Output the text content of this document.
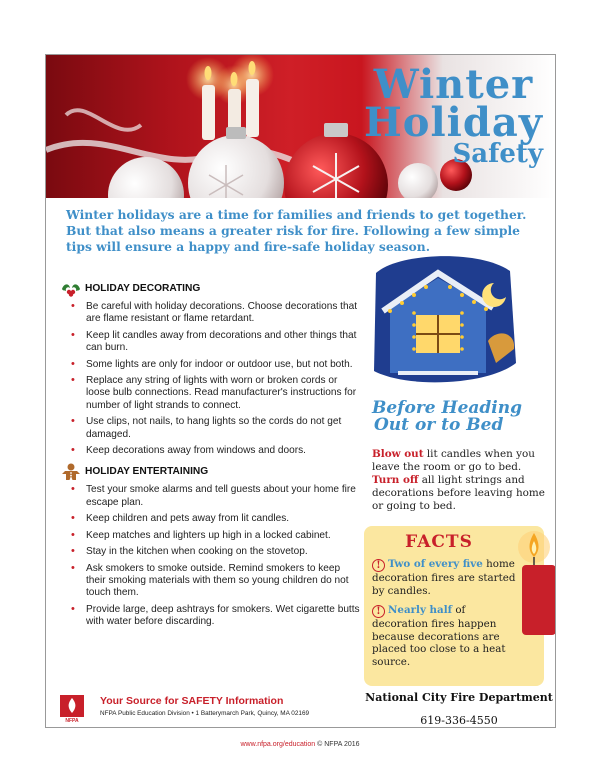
Winter
Holiday
Safety
Winter holidays are a time for families and friends to get together. But that also means a greater risk for fire. Following a few simple tips will ensure a happy and fire-safe holiday season.
HOLIDAY DECORATING
• Be careful with holiday decorations. Choose decorations that are flame resistant or flame retardant.
• Keep lit candles away from decorations and other things that can burn.
• Some lights are only for indoor or outdoor use, but not both.
• Replace any string of lights with worn or broken cords or loose bulb connections. Read manufacturer's instructions for number of light strands to connect.
• Use clips, not nails, to hang lights so the cords do not get damaged.
• Keep decorations away from windows and doors.
HOLIDAY ENTERTAINING
• Test your smoke alarms and tell guests about your home fire escape plan.
• Keep children and pets away from lit candles.
• Keep matches and lighters up high in a locked cabinet.
• Stay in the kitchen when cooking on the stovetop.
• Ask smokers to smoke outside. Remind smokers to keep their smoking materials with them so young children do not touch them.
• Provide large, deep ashtrays for smokers. Wet cigarette butts with water before discarding.
Before Heading
Out or to Bed
Blow out lit candles when you leave the room or go to bed. Turn off all light strings and decorations before leaving home or going to bed.
FACTS
! Two of every five home decoration fires are started by candles.
! Nearly half of decoration fires happen because decorations are placed too close to a heat source.
National City Fire Department
619-336-4550
NFPA
Your Source for SAFETY Information
NFPA Public Education Division • 1 Batterymarch Park, Quincy, MA 02169
www.nfpa.org/education © NFPA 2016
